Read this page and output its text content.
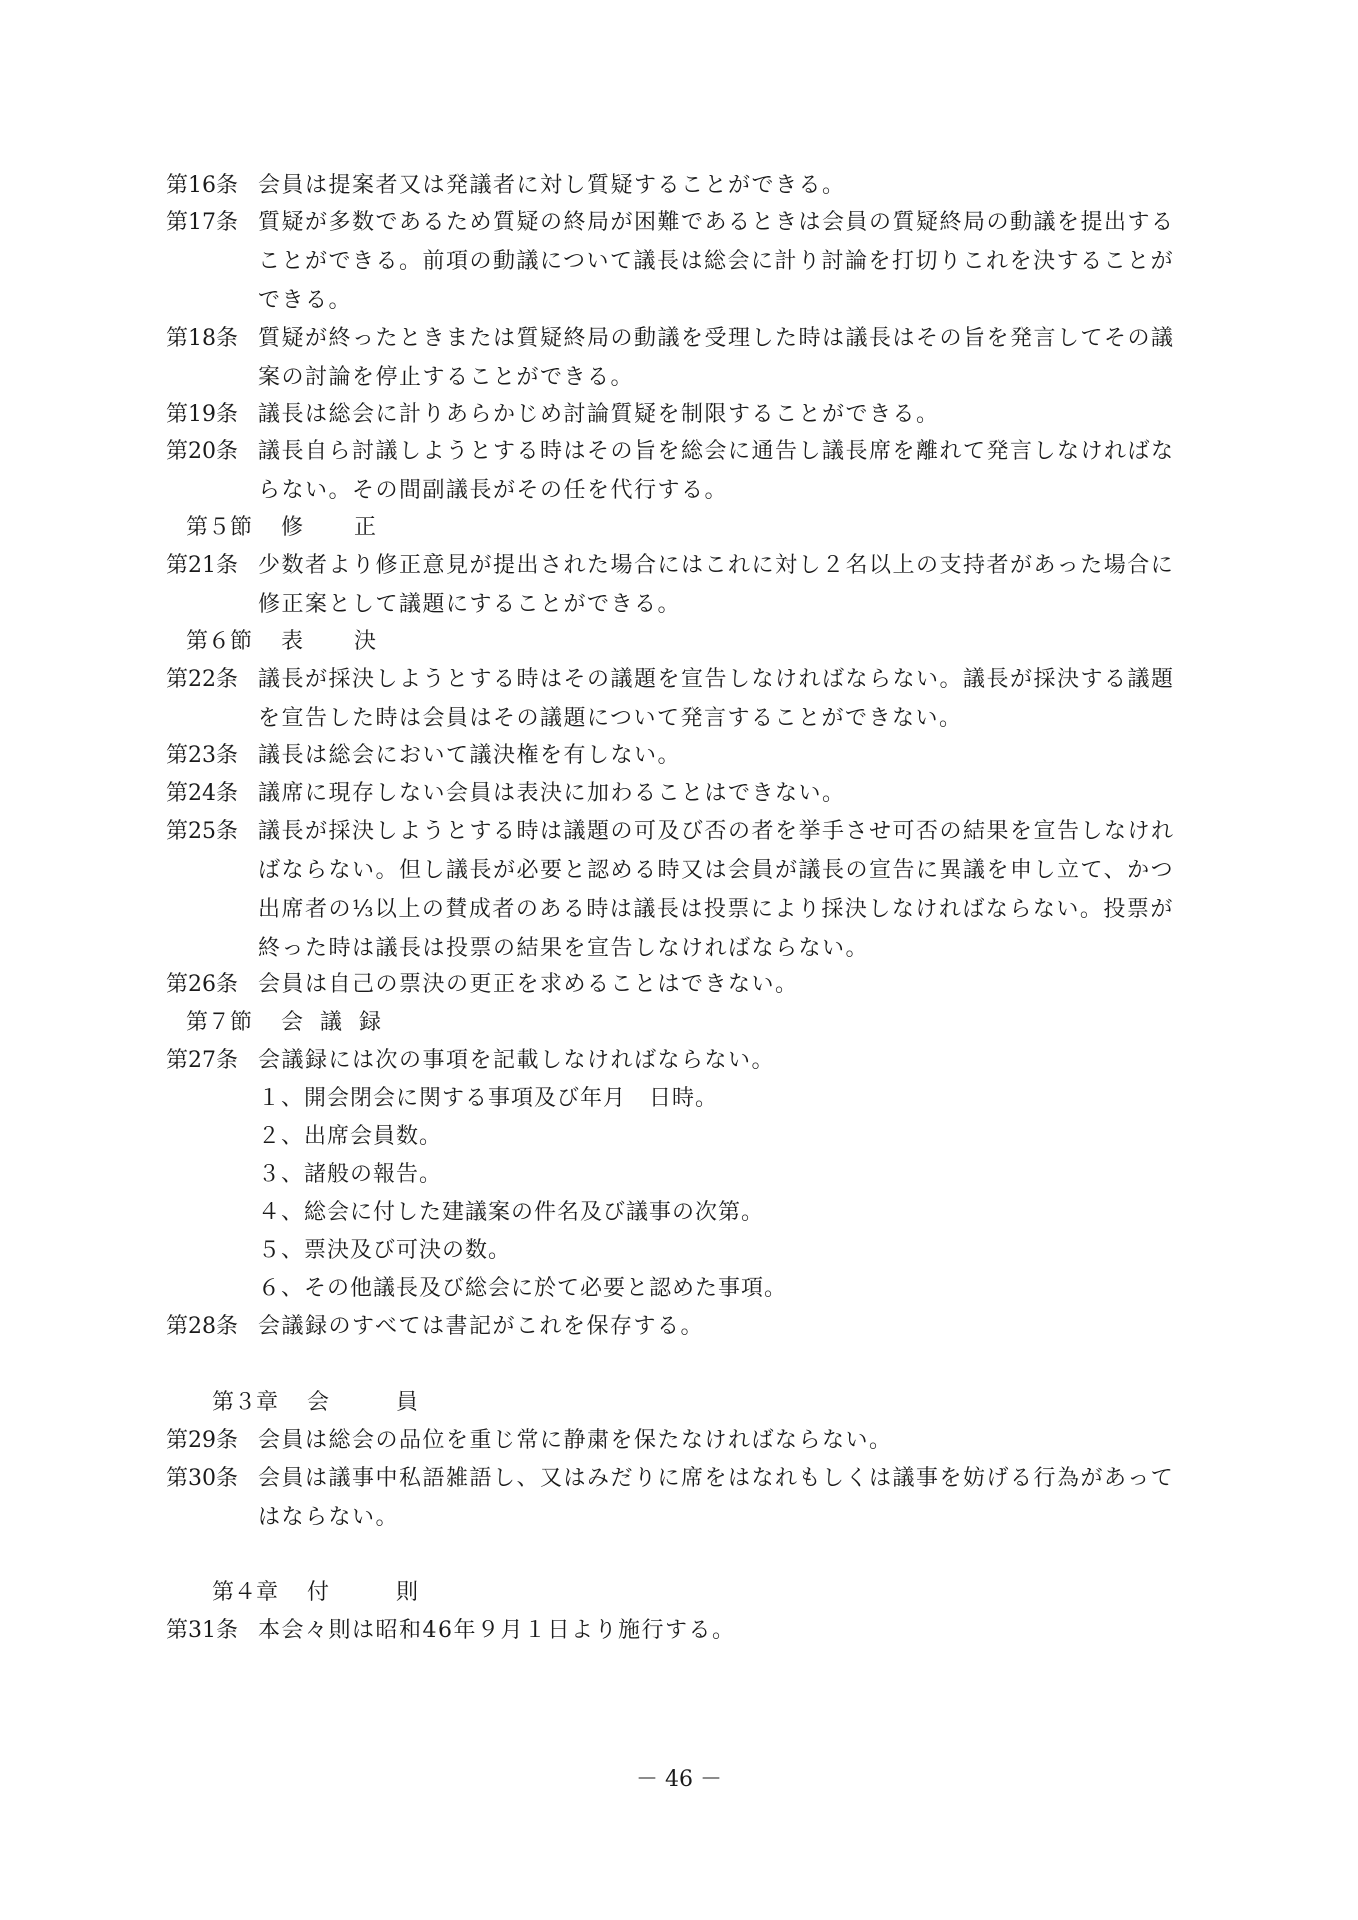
第16条 会員は提案者又は発議者に対し質疑することができる。
第17条 質疑が多数であるため質疑の終局が困難であるときは会員の質疑終局の動議を提出することができる。前項の動議について議長は総会に計り討論を打切りこれを決することができる。
第18条 質疑が終ったときまたは質疑終局の動議を受理した時は議長はその旨を発言してその議案の討論を停止することができる。
第19条 議長は総会に計りあらかじめ討論質疑を制限することができる。
第20条 議長自ら討議しようとする時はその旨を総会に通告し議長席を離れて発言しなければならない。その間副議長がその任を代行する。
第５節 修 正
第21条 少数者より修正意見が提出された場合にはこれに対し２名以上の支持者があった場合に修正案として議題にすることができる。
第６節 表 決
第22条 議長が採決しようとする時はその議題を宣告しなければならない。議長が採決する議題を宣告した時は会員はその議題について発言することができない。
第23条 議長は総会において議決権を有しない。
第24条 議席に現存しない会員は表決に加わることはできない。
第25条 議長が採決しようとする時は議題の可及び否の者を挙手させ可否の結果を宣告しなければならない。但し議長が必要と認める時又は会員が議長の宣告に異議を申し立て、かつ出席者の⅓以上の賛成者のある時は議長は投票により採決しなければならない。投票が終った時は議長は投票の結果を宣告しなければならない。
第26条 会員は自己の票決の更正を求めることはできない。
第７節 会 議 録
第27条 会議録には次の事項を記載しなければならない。
１、開会閉会に関する事項及び年月　日時。
２、出席会員数。
３、諸般の報告。
４、総会に付した建議案の件名及び議事の次第。
５、票決及び可決の数。
６、その他議長及び総会に於て必要と認めた事項。
第28条 会議録のすべては書記がこれを保存する。
第３章 会	員
第29条 会員は総会の品位を重じ常に静粛を保たなければならない。
第30条 会員は議事中私語雑語し、又はみだりに席をはなれもしくは議事を妨げる行為があってはならない。
第４章 付	則
第31条 本会々則は昭和46年９月１日より施行する。
－ 46 －
